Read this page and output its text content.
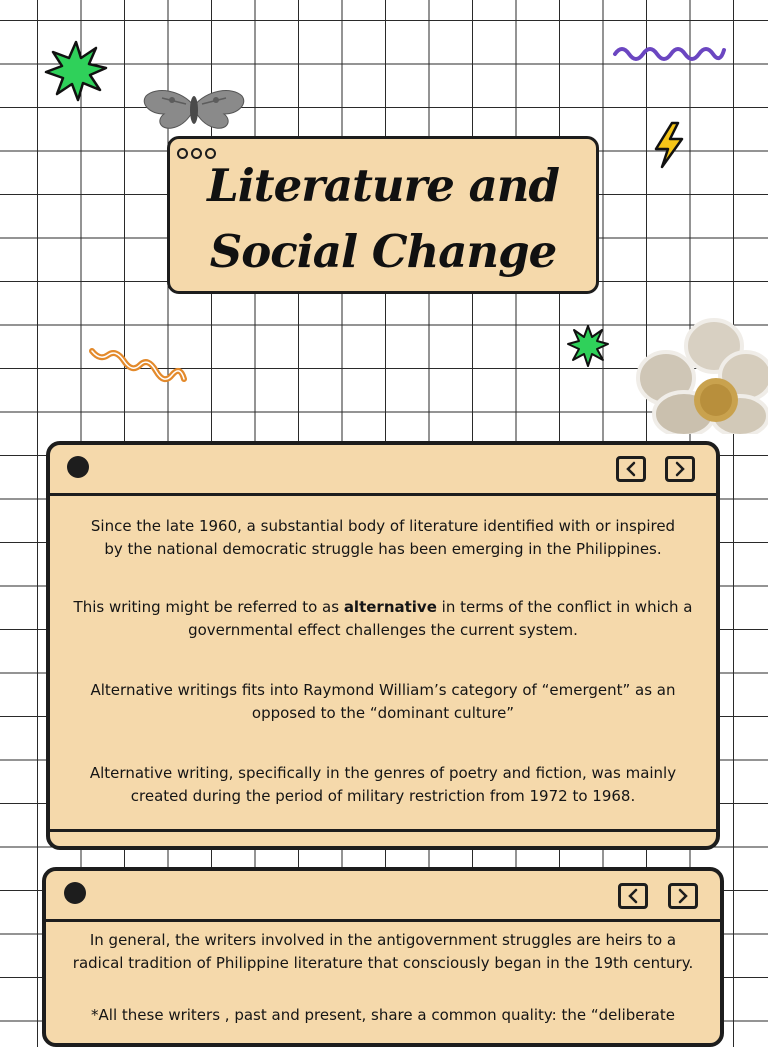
Literature and
Social Change
Since the late 1960, a substantial body of literature identified with or inspired by the national democratic struggle has been emerging in the Philippines.
This writing might be referred to as alternative in terms of the conflict in which a governmental effect challenges the current system.
Alternative writings fits into Raymond William’s category of “emergent” as an opposed to the “dominant culture”
Alternative writing, specifically in the genres of poetry and fiction, was mainly created during the period of military restriction from 1972 to 1968.
In general, the writers involved in the antigovernment struggles are heirs to a radical tradition of Philippine literature that consciously began in the 19th century.
*All these writers , past and present, share a common quality: the “deliberate
